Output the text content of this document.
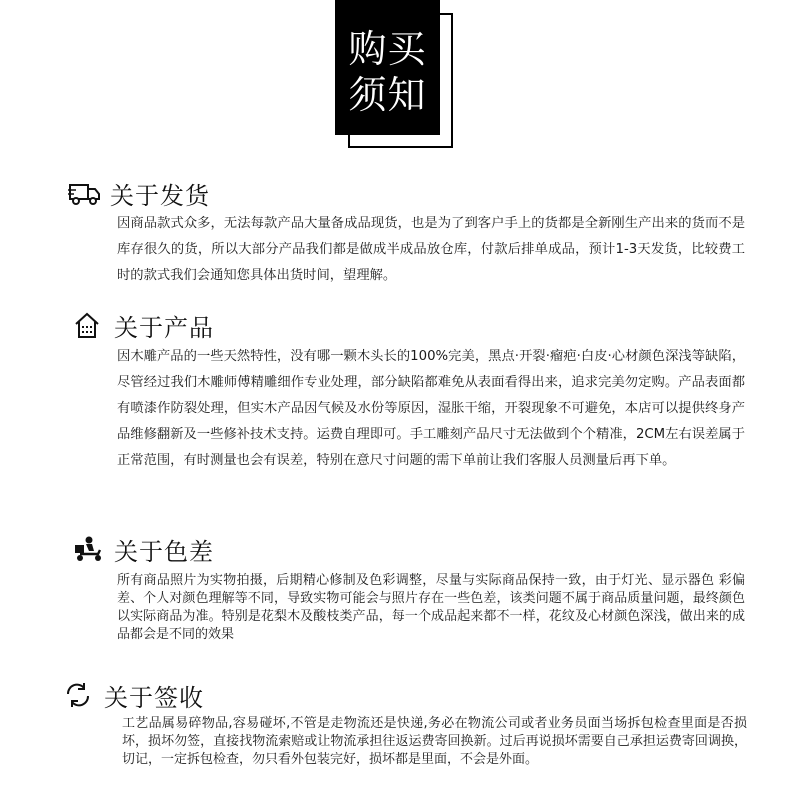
购买
须知
关于发货

因商品款式众多，无法每款产品大量备成品现货，也是为了到客户手上的货都是全新刚生产出来的货而不是库存很久的货，所以大部分产品我们都是做成半成品放仓库，付款后排单成品，预计1-3天发货，比较费工时的款式我们会通知您具体出货时间，望理解。

关于产品

因木雕产品的一些天然特性，没有哪一颗木头长的100%完美，黑点·开裂·瘤疤·白皮·心材颜色深浅等缺陷，尽管经过我们木雕师傅精雕细作专业处理，部分缺陷都难免从表面看得出来，追求完美勿定购。产品表面都有喷漆作防裂处理，但实木产品因气候及水份等原因，湿胀干缩，开裂现象不可避免，本店可以提供终身产品维修翻新及一些修补技术支持。运费自理即可。手工雕刻产品尺寸无法做到个个精准，2CM左右误差属于正常范围，有时测量也会有误差，特别在意尺寸问题的需下单前让我们客服人员测量后再下单。

关于色差

所有商品照片为实物拍摄，后期精心修制及色彩调整，尽量与实际商品保持一致，由于灯光、显示器色 彩偏差、个人对颜色理解等不同，导致实物可能会与照片存在一些色差，该类问题不属于商品质量问题，最终颜色以实际商品为准。特别是花梨木及酸枝类产品，每一个成品起来都不一样，花纹及心材颜色深浅，做出来的成品都会是不同的效果

关于签收

工艺品属易碎物品,容易碰坏,不管是走物流还是快递,务必在物流公司或者业务员面当场拆包检查里面是否损坏，损坏勿签，直接找物流索赔或让物流承担往返运费寄回换新。过后再说损坏需要自己承担运费寄回调换，切记，一定拆包检查，勿只看外包装完好，损坏都是里面，不会是外面。
